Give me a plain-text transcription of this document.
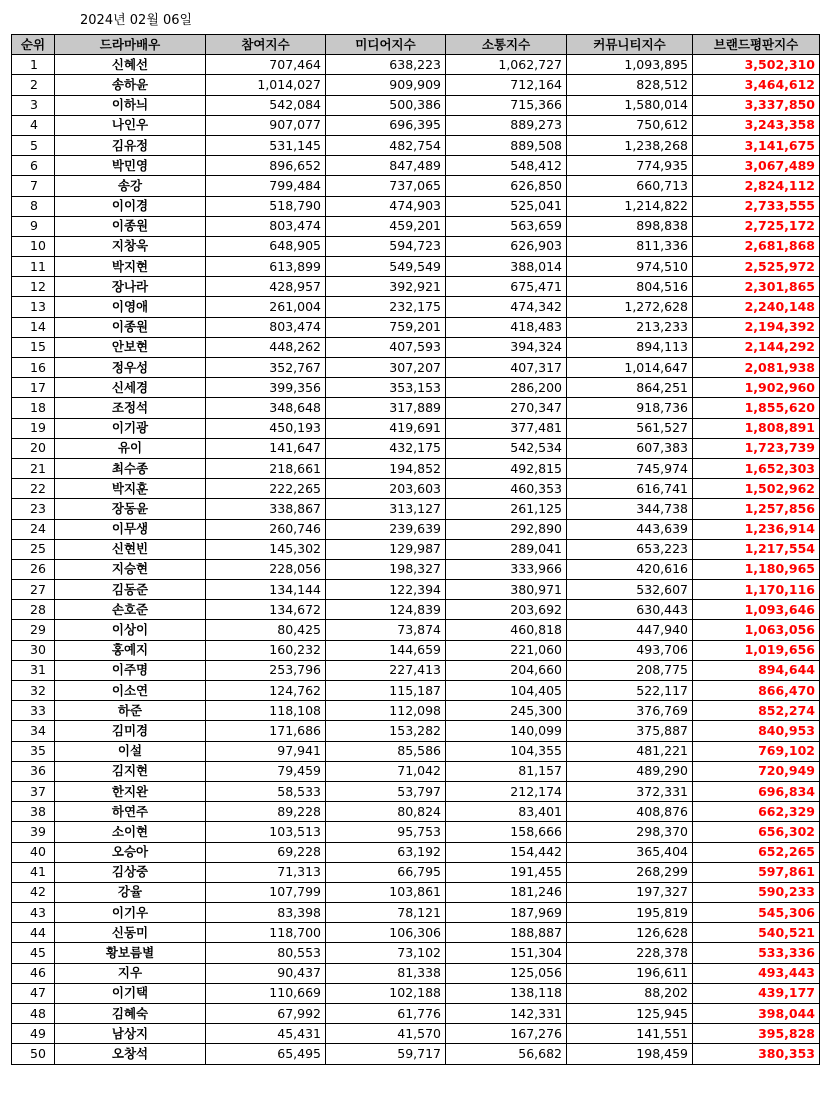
2024년 02월 06일
순위	드라마배우	참여지수	미디어지수	소통지수	커뮤니티지수	브랜드평판지수
1	신혜선	707,464	638,223	1,062,727	1,093,895	3,502,310
2	송하윤	1,014,027	909,909	712,164	828,512	3,464,612
3	이하늬	542,084	500,386	715,366	1,580,014	3,337,850
4	나인우	907,077	696,395	889,273	750,612	3,243,358
5	김유정	531,145	482,754	889,508	1,238,268	3,141,675
6	박민영	896,652	847,489	548,412	774,935	3,067,489
7	송강	799,484	737,065	626,850	660,713	2,824,112
8	이이경	518,790	474,903	525,041	1,214,822	2,733,555
9	이종원	803,474	459,201	563,659	898,838	2,725,172
10	지창욱	648,905	594,723	626,903	811,336	2,681,868
11	박지현	613,899	549,549	388,014	974,510	2,525,972
12	장나라	428,957	392,921	675,471	804,516	2,301,865
13	이영애	261,004	232,175	474,342	1,272,628	2,240,148
14	이종원	803,474	759,201	418,483	213,233	2,194,392
15	안보현	448,262	407,593	394,324	894,113	2,144,292
16	정우성	352,767	307,207	407,317	1,014,647	2,081,938
17	신세경	399,356	353,153	286,200	864,251	1,902,960
18	조정석	348,648	317,889	270,347	918,736	1,855,620
19	이기광	450,193	419,691	377,481	561,527	1,808,891
20	유이	141,647	432,175	542,534	607,383	1,723,739
21	최수종	218,661	194,852	492,815	745,974	1,652,303
22	박지훈	222,265	203,603	460,353	616,741	1,502,962
23	장동윤	338,867	313,127	261,125	344,738	1,257,856
24	이무생	260,746	239,639	292,890	443,639	1,236,914
25	신현빈	145,302	129,987	289,041	653,223	1,217,554
26	지승현	228,056	198,327	333,966	420,616	1,180,965
27	김동준	134,144	122,394	380,971	532,607	1,170,116
28	손호준	134,672	124,839	203,692	630,443	1,093,646
29	이상이	80,425	73,874	460,818	447,940	1,063,056
30	홍예지	160,232	144,659	221,060	493,706	1,019,656
31	이주명	253,796	227,413	204,660	208,775	894,644
32	이소연	124,762	115,187	104,405	522,117	866,470
33	하준	118,108	112,098	245,300	376,769	852,274
34	김미경	171,686	153,282	140,099	375,887	840,953
35	이설	97,941	85,586	104,355	481,221	769,102
36	김지현	79,459	71,042	81,157	489,290	720,949
37	한지완	58,533	53,797	212,174	372,331	696,834
38	하연주	89,228	80,824	83,401	408,876	662,329
39	소이현	103,513	95,753	158,666	298,370	656,302
40	오승아	69,228	63,192	154,442	365,404	652,265
41	김상중	71,313	66,795	191,455	268,299	597,861
42	강율	107,799	103,861	181,246	197,327	590,233
43	이기우	83,398	78,121	187,969	195,819	545,306
44	신동미	118,700	106,306	188,887	126,628	540,521
45	황보름별	80,553	73,102	151,304	228,378	533,336
46	지우	90,437	81,338	125,056	196,611	493,443
47	이기택	110,669	102,188	138,118	88,202	439,177
48	김혜숙	67,992	61,776	142,331	125,945	398,044
49	남상지	45,431	41,570	167,276	141,551	395,828
50	오창석	65,495	59,717	56,682	198,459	380,353
